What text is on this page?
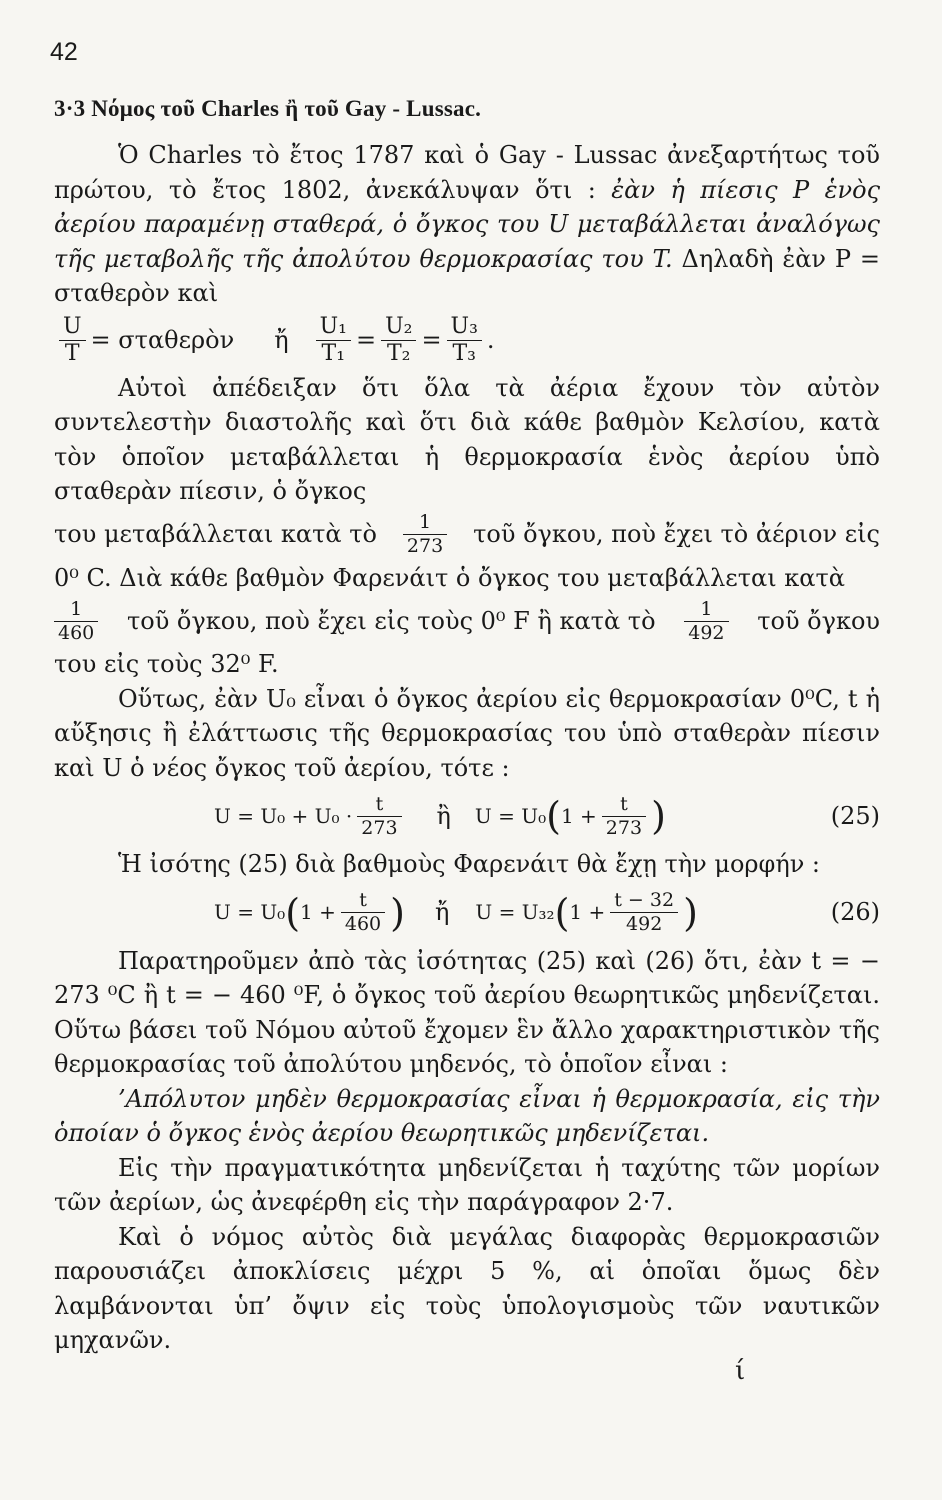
42
3·3 Νόμος τοῦ Charles ἢ τοῦ Gay - Lussac.

Ὁ Charles τὸ ἔτος 1787 καὶ ὁ Gay - Lussac ἀνεξαρτήτως τοῦ πρώτου, τὸ ἔτος 1802, ἀνεκάλυψαν ὅτι : ἐὰν ἡ πίεσις P ἑνὸς ἀερίου παραμένῃ σταθερά, ὁ ὄγκος του U μεταβάλλεται ἀναλόγως τῆς μεταβολῆς τῆς ἀπολύτου θερμοκρασίας του T. Δηλαδὴ ἐὰν P = σταθερὸν καὶ

$\frac{U}{T}$ = σταθερὸν ἤ $\frac{\text{U₁}}{\text{T₁}} = \frac{\text{U₂}}{\text{T₂}} = \frac{\text{U₃}}{\text{T₃}}$ .

Αὐτοὶ ἀπέδειξαν ὅτι ὅλα τὰ ἀέρια ἔχουν τὸν αὐτὸν συντελεστὴν διαστολῆς καὶ ὅτι διὰ κάθε βαθμὸν Κελσίου, κατὰ τὸν ὁποῖον μεταβάλλεται ἡ θερμοκρασία ἑνὸς ἀερίου ὑπὸ σταθερὰν πίεσιν, ὁ ὄγκος

του μεταβάλλεται κατὰ τὸ $\frac{1}{273}$ τοῦ ὄγκου, ποὺ ἔχει τὸ ἀέριον εἰς

0⁰ C. Διὰ κάθε βαθμὸν Φαρενάιτ ὁ ὄγκος του μεταβάλλεται κατὰ

$\frac{1}{460}$ τοῦ ὄγκου, ποὺ ἔχει εἰς τοὺς 0⁰ F ἢ κατὰ τὸ $\frac{1}{492}$ τοῦ ὄγκου

του εἰς τοὺς 32⁰ F.

Οὕτως, ἐὰν U₀ εἶναι ὁ ὄγκος ἀερίου εἰς θερμοκρασίαν 0⁰C, t ἡ αὔξησις ἢ ἐλάττωσις τῆς θερμοκρασίας του ὑπὸ σταθερὰν πίεσιν καὶ U ὁ νέος ὄγκος τοῦ ἀερίου, τότε :

$U = U_0 + U_0 \cdot \frac{t}{273}$ ἢ U = U₀ ( $1 + \frac{t}{273}$ )	(25)

Ἡ ἰσότης (25) διὰ βαθμοὺς Φαρενάιτ θὰ ἔχῃ τὴν μορφήν :

U = U₀ ( $1 + \frac{t}{460}$ ) ἤ U = U₃₂ ( $1 + \frac{t - 32}{492}$ )	(26)

Παρατηροῦμεν ἀπὸ τὰς ἰσότητας (25) καὶ (26) ὅτι, ἐὰν t = − 273 ⁰C ἢ t = − 460 ⁰F, ὁ ὄγκος τοῦ ἀερίου θεωρητικῶς μηδενίζεται. Οὕτω βάσει τοῦ Νόμου αὐτοῦ ἔχομεν ἓν ἄλλο χαρακτηριστικὸν τῆς θερμοκρασίας τοῦ ἀπολύτου μηδενός, τὸ ὁποῖον εἶναι :

’Απόλυτον μηδὲν θερμοκρασίας εἶναι ἡ θερμοκρασία, εἰς τὴν ὁποίαν ὁ ὄγκος ἑνὸς ἀερίου θεωρητικῶς μηδενίζεται.

Εἰς τὴν πραγματικότητα μηδενίζεται ἡ ταχύτης τῶν μορίων τῶν ἀερίων, ὡς ἀνεφέρθη εἰς τὴν παράγραφον 2·7.

Καὶ ὁ νόμος αὐτὸς διὰ μεγάλας διαφορὰς θερμοκρασιῶν παρουσιάζει ἀποκλίσεις μέχρι 5 %, αἱ ὁποῖαι ὅμως δὲν λαμβάνονται ὑπ’ ὄψιν εἰς τοὺς ὑπολογισμοὺς τῶν ναυτικῶν μηχανῶν.

ί
